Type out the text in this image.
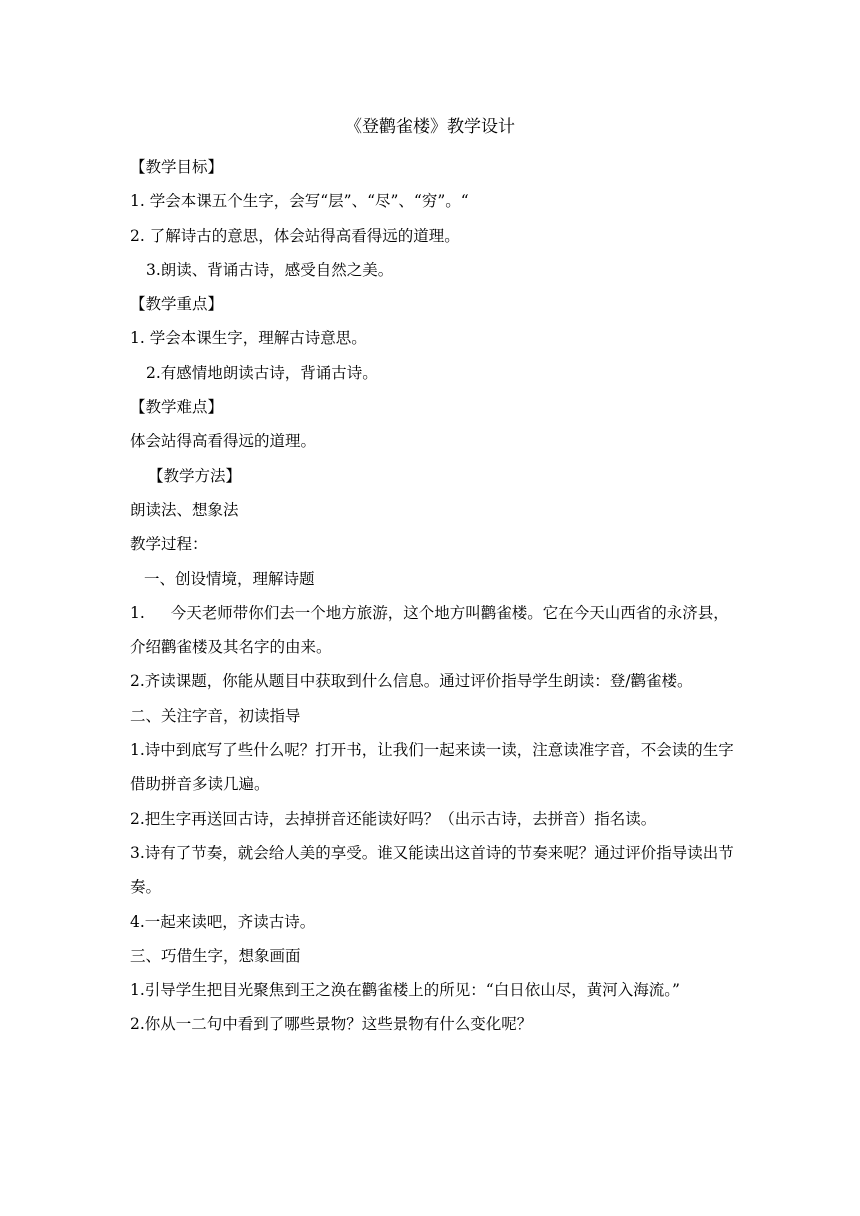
《登鹳雀楼》教学设计

【教学目标】

1. 学会本课五个生字，会写“层”、“尽”、“穷”。“

2. 了解诗古的意思，体会站得高看得远的道理。

3.朗读、背诵古诗，感受自然之美。

【教学重点】

1. 学会本课生字，理解古诗意思。

2.有感情地朗读古诗，背诵古诗。

【教学难点】

体会站得高看得远的道理。

【教学方法】

朗读法、想象法

教学过程：

一、创设情境，理解诗题

1. 今天老师带你们去一个地方旅游，这个地方叫鹳雀楼。它在今天山西省的永济县，介绍鹳雀楼及其名字的由来。

2.齐读课题，你能从题目中获取到什么信息。通过评价指导学生朗读：登/鹳雀楼。

二、关注字音，初读指导

1.诗中到底写了些什么呢？打开书，让我们一起来读一读，注意读准字音，不会读的生字借助拼音多读几遍。

2.把生字再送回古诗，去掉拼音还能读好吗？（出示古诗，去拼音）指名读。

3.诗有了节奏，就会给人美的享受。谁又能读出这首诗的节奏来呢？通过评价指导读出节奏。

4.一起来读吧，齐读古诗。

三、巧借生字，想象画面

1.引导学生把目光聚焦到王之涣在鹳雀楼上的所见：“白日依山尽，黄河入海流。”

2.你从一二句中看到了哪些景物？这些景物有什么变化呢？
